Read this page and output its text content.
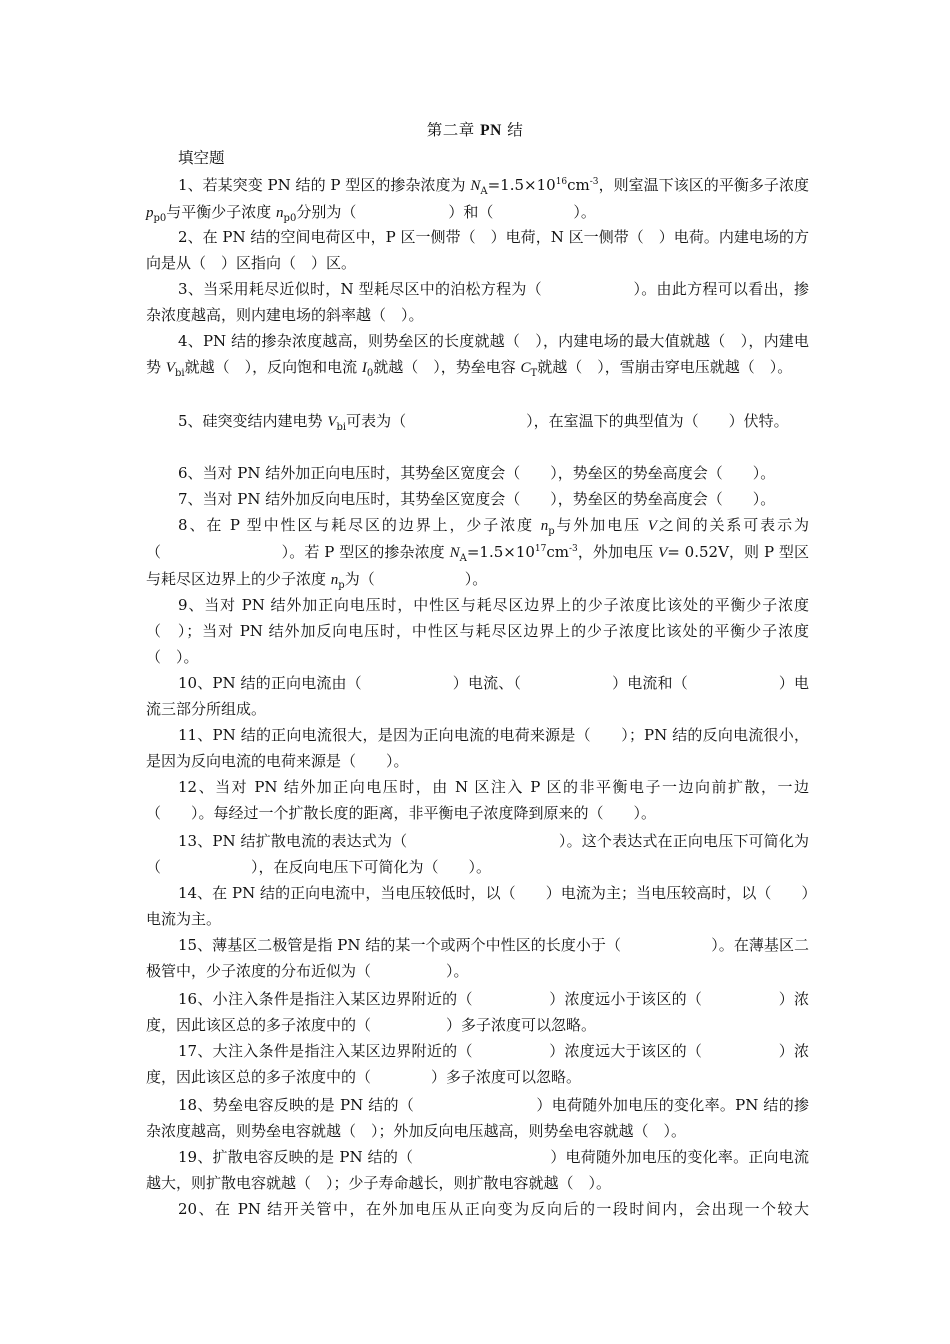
第二章 PN 结
填空题
1、若某突变 PN 结的 P 型区的掺杂浓度为 $N_A=1.5\times 10^{16}cm^{-3}$，则室温下该区的平衡多子浓度 $p_{p0}$与平衡少子浓度 $n_{p0}$分别为（	）和（	）。
2、在 PN 结的空间电荷区中，P 区一侧带（　）电荷，N 区一侧带（　）电荷。内建电场的方向是从（　）区指向（　）区。
3、当采用耗尽近似时，N 型耗尽区中的泊松方程为（　　　　　　）。由此方程可以看出，掺杂浓度越高，则内建电场的斜率越（　）。
4、PN 结的掺杂浓度越高，则势垒区的长度就越（　），内建电场的最大值就越（　），内建电势 $V_{bi}$就越（　），反向饱和电流 $I_0$就越（　），势垒电容 $C_T$就越（　），雪崩击穿电压就越（　）。
5、硅突变结内建电势 $V_{bi}$可表为（　　　　　　　　），在室温下的典型值为（　　）伏特。
6、当对 PN 结外加正向电压时，其势垒区宽度会（　　），势垒区的势垒高度会（　　）。
7、当对 PN 结外加反向电压时，其势垒区宽度会（　　），势垒区的势垒高度会（　　）。
8、在 P 型中性区与耗尽区的边界上，少子浓度 $n_p$与外加电压 V之间的关系可表示为（　　　　　　　　）。若 P 型区的掺杂浓度 $N_A=1.5\times 10^{17}cm^{-3}$，外加电压 V= 0.52V，则 P 型区与耗尽区边界上的少子浓度 $n_p$为（　　　　　　）。
9、当对 PN 结外加正向电压时，中性区与耗尽区边界上的少子浓度比该处的平衡少子浓度（　）；当对 PN 结外加反向电压时，中性区与耗尽区边界上的少子浓度比该处的平衡少子浓度（　）。
10、PN 结的正向电流由（　　　　　　）电流、（　　　　　　）电流和（　　　　　　）电流三部分所组成。
11、PN 结的正向电流很大，是因为正向电流的电荷来源是（　　）；PN 结的反向电流很小，是因为反向电流的电荷来源是（　　）。
12、当对 PN 结外加正向电压时，由 N 区注入 P 区的非平衡电子一边向前扩散，一边（　　）。每经过一个扩散长度的距离，非平衡电子浓度降到原来的（　　）。
13、PN 结扩散电流的表达式为（　　　　　　　　　　）。这个表达式在正向电压下可简化为（　　　　　　），在反向电压下可简化为（　　）。
14、在 PN 结的正向电流中，当电压较低时，以（　　）电流为主；当电压较高时，以（　　）电流为主。
15、薄基区二极管是指 PN 结的某一个或两个中性区的长度小于（　　　　　　）。在薄基区二极管中，少子浓度的分布近似为（　　　　　）。
16、小注入条件是指注入某区边界附近的（　　　　　）浓度远小于该区的（　　　　　）浓度，因此该区总的多子浓度中的（　　　　　）多子浓度可以忽略。
17、大注入条件是指注入某区边界附近的（　　　　　）浓度远大于该区的（　　　　　）浓度，因此该区总的多子浓度中的（　　　　）多子浓度可以忽略。
18、势垒电容反映的是 PN 结的（　　　　　　　　）电荷随外加电压的变化率。PN 结的掺杂浓度越高，则势垒电容就越（　）；外加反向电压越高，则势垒电容就越（　）。
19、扩散电容反映的是 PN 结的（　　　　　　　　　）电荷随外加电压的变化率。正向电流越大，则扩散电容就越（　）；少子寿命越长，则扩散电容就越（　）。
20、在 PN 结开关管中，在外加电压从正向变为反向后的一段时间内，会出现一个较大
